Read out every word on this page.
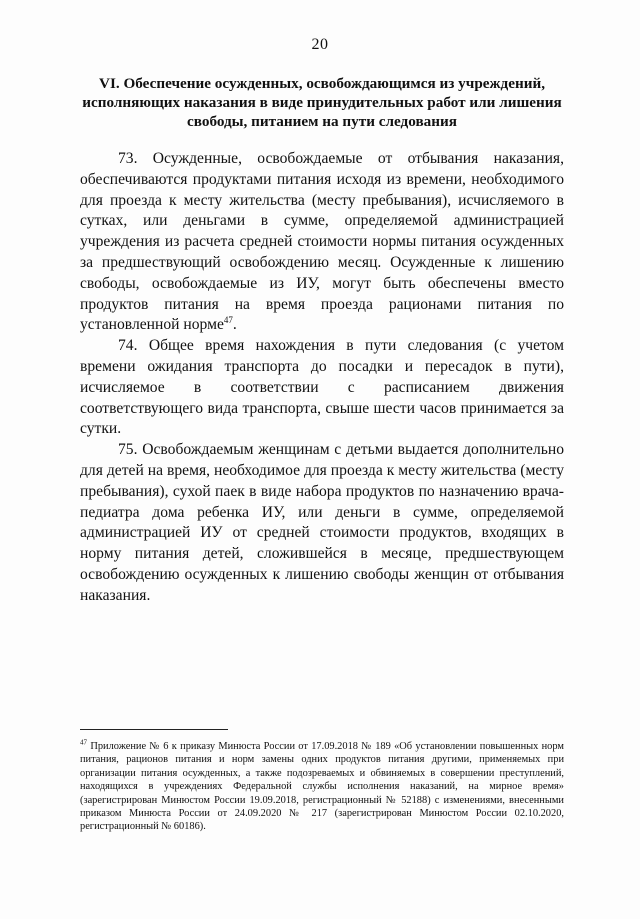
20
VI. Обеспечение осужденных, освобождающимся из учреждений, исполняющих наказания в виде принудительных работ или лишения свободы, питанием на пути следования

73. Осужденные, освобождаемые от отбывания наказания, обеспечиваются продуктами питания исходя из времени, необходимого для проезда к месту жительства (месту пребывания), исчисляемого в сутках, или деньгами в сумме, определяемой администрацией учреждения из расчета средней стоимости нормы питания осужденных за предшествующий освобождению месяц. Осужденные к лишению свободы, освобождаемые из ИУ, могут быть обеспечены вместо продуктов питания на время проезда рационами питания по установленной норме$^{47}$.

74. Общее время нахождения в пути следования (с учетом времени ожидания транспорта до посадки и пересадок в пути), исчисляемое в соответствии с расписанием движения соответствующего вида транспорта, свыше шести часов принимается за сутки.

75. Освобождаемым женщинам с детьми выдается дополнительно для детей на время, необходимое для проезда к месту жительства (месту пребывания), сухой паек в виде набора продуктов по назначению врача-педиатра дома ребенка ИУ, или деньги в сумме, определяемой администрацией ИУ от средней стоимости продуктов, входящих в норму питания детей, сложившейся в месяце, предшествующем освобождению осужденных к лишению свободы женщин от отбывания наказания.

$^{47}$ Приложение № 6 к приказу Минюста России от 17.09.2018 № 189 «Об установлении повышенных норм питания, рационов питания и норм замены одних продуктов питания другими, применяемых при организации питания осужденных, а также подозреваемых и обвиняемых в совершении преступлений, находящихся в учреждениях Федеральной службы исполнения наказаний, на мирное время» (зарегистрирован Минюстом России 19.09.2018, регистрационный № 52188) с изменениями, внесенными приказом Минюста России от 24.09.2020 № 217 (зарегистрирован Минюстом России 02.10.2020, регистрационный № 60186).
